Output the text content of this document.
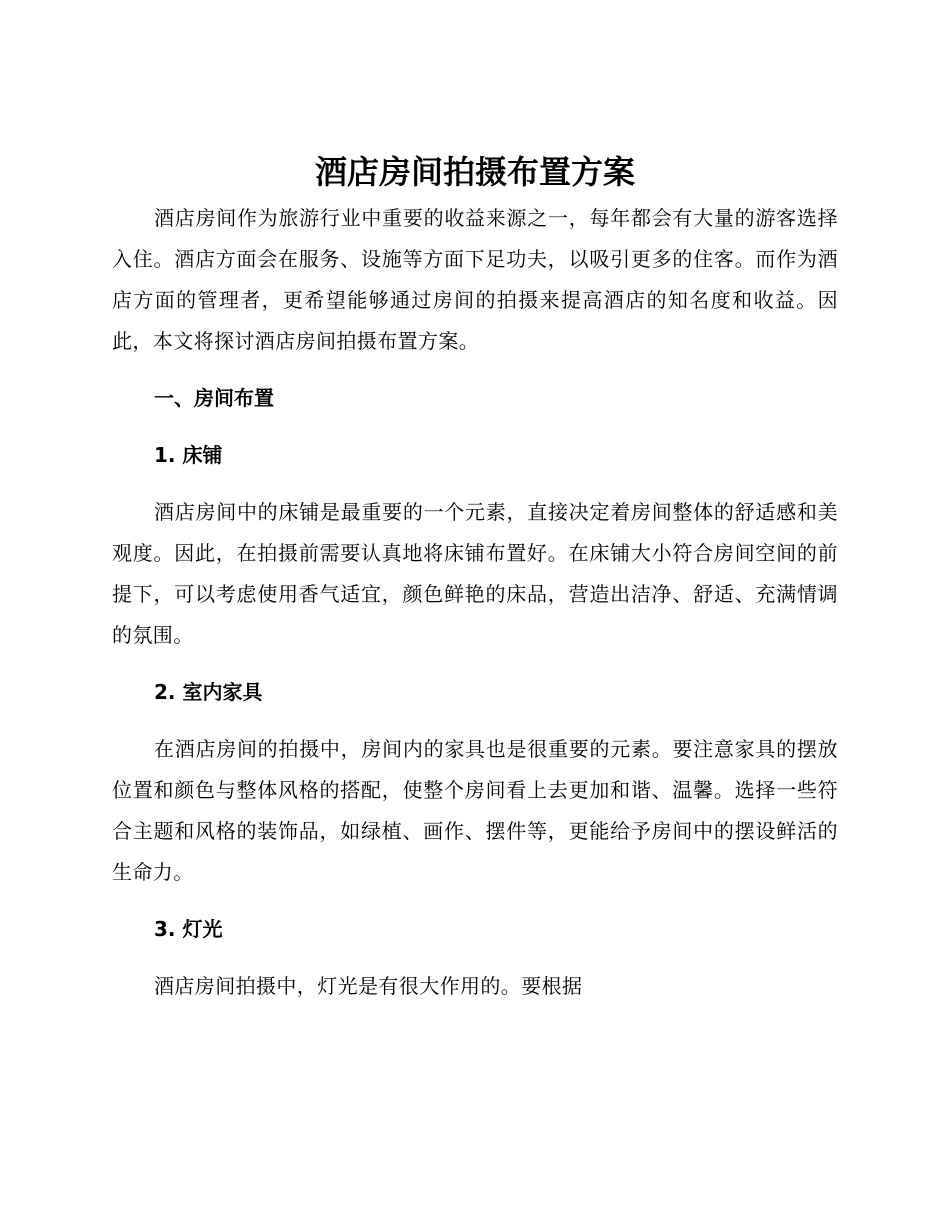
酒店房间拍摄布置方案

酒店房间作为旅游行业中重要的收益来源之一，每年都会有大量的游客选择入住。酒店方面会在服务、设施等方面下足功夫，以吸引更多的住客。而作为酒店方面的管理者，更希望能够通过房间的拍摄来提高酒店的知名度和收益。因此，本文将探讨酒店房间拍摄布置方案。

一、房间布置
1. 床铺

酒店房间中的床铺是最重要的一个元素，直接决定着房间整体的舒适感和美观度。因此，在拍摄前需要认真地将床铺布置好。在床铺大小符合房间空间的前提下，可以考虑使用香气适宜，颜色鲜艳的床品，营造出洁净、舒适、充满情调的氛围。

2. 室内家具

在酒店房间的拍摄中，房间内的家具也是很重要的元素。要注意家具的摆放位置和颜色与整体风格的搭配，使整个房间看上去更加和谐、温馨。选择一些符合主题和风格的装饰品，如绿植、画作、摆件等，更能给予房间中的摆设鲜活的生命力。

3. 灯光

酒店房间拍摄中，灯光是有很大作用的。要根据
